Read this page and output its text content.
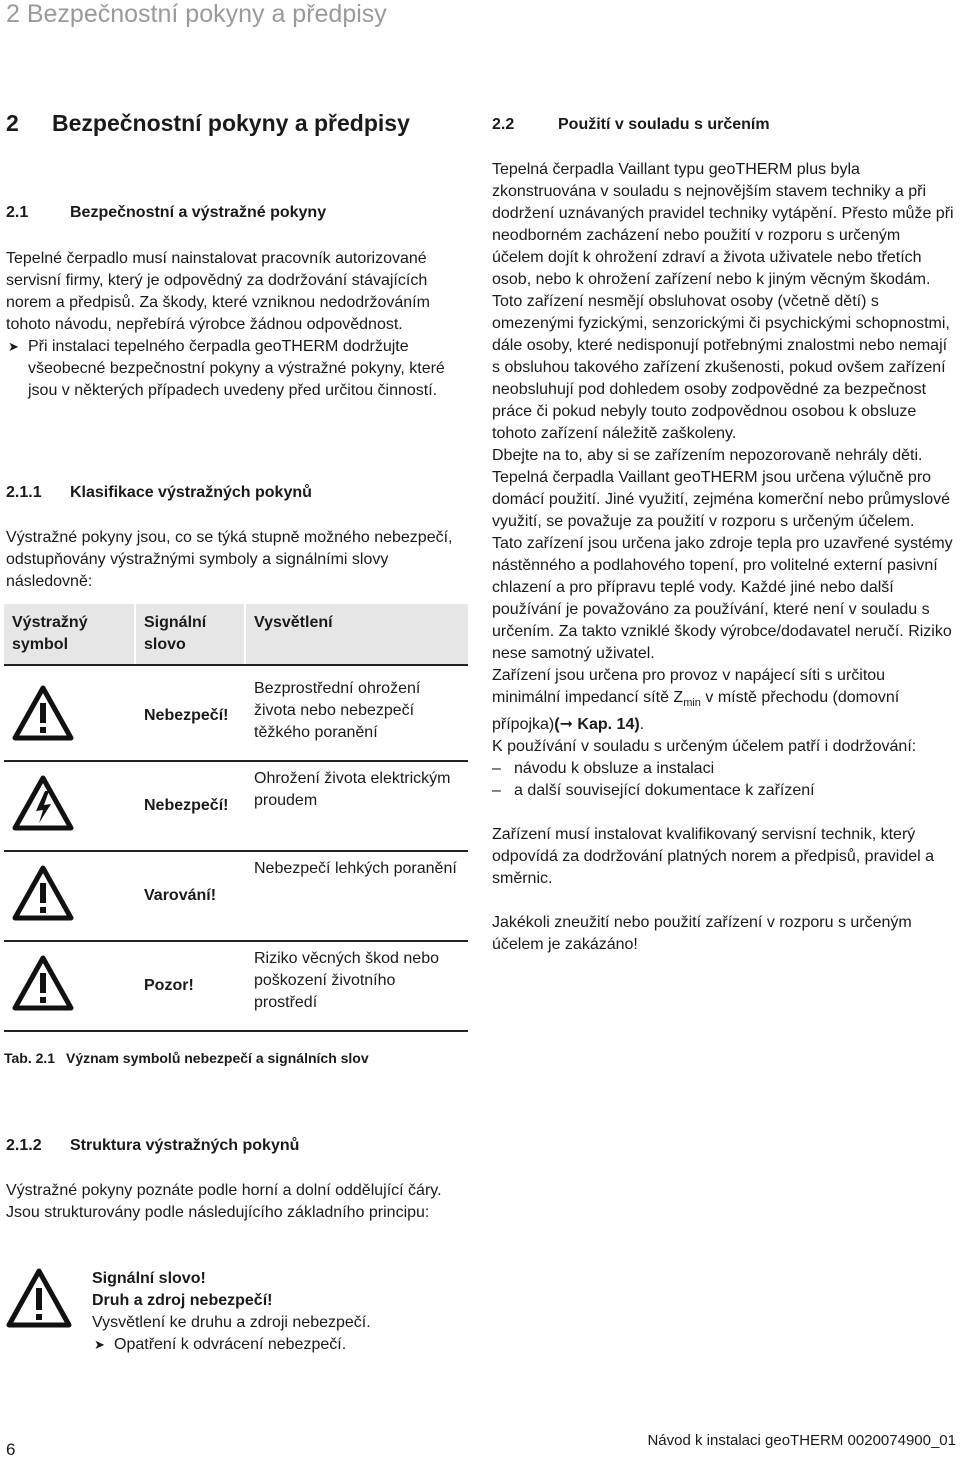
2 Bezpečnostní pokyny a předpisy
2 Bezpečnostní pokyny a předpisy
2.1	Bezpečnostní a výstražné pokyny

Tepelné čerpadlo musí nainstalovat pracovník autorizované servisní firmy, který je odpovědný za dodržování stávajících norem a předpisů. Za škody, které vzniknou nedodržováním tohoto návodu, nepřebírá výrobce žádnou odpovědnost.

➤ Při instalaci tepelného čerpadla geoTHERM dodržujte všeobecné bezpečnostní pokyny a výstražné pokyny, které jsou v některých případech uvedeny před určitou činností.
2.1.1 Klasifikace výstražných pokynů
Výstražné pokyny jsou, co se týká stupně možného nebezpečí, odstupňovány výstražnými symboly a signálními slovy následovně:
Výstražný symbol	Signální slovo	Vysvětlení

	Nebezpečí!	Bezprostřední ohrožení života nebo nebezpečí těžkého poranění
	Nebezpečí!	Ohrožení života elektrickým proudem
	Varování!	Nebezpečí lehkých poranění
	Pozor!	Riziko věcných škod nebo poškození životního prostředí
Tab. 2.1 Význam symbolů nebezpečí a signálních slov
2.1.2 Struktura výstražných pokynů
Výstražné pokyny poznáte podle horní a dolní oddělující čáry. Jsou strukturovány podle následujícího základního principu:
Signální slovo!
Druh a zdroj nebezpečí!
Vysvětlení ke druhu a zdroji nebezpečí.
➤ Opatření k odvrácení nebezpečí.
2.2	Použití v souladu s určením

Tepelná čerpadla Vaillant typu geoTHERM plus byla zkonstruována v souladu s nejnovějším stavem techniky a při dodržení uznávaných pravidel techniky vytápění. Přesto může při neodborném zacházení nebo použití v rozporu s určeným účelem dojít k ohrožení zdraví a života uživatele nebo třetích osob, nebo k ohrožení zařízení nebo k jiným věcným škodám.

Toto zařízení nesmějí obsluhovat osoby (včetně dětí) s omezenými fyzickými, senzorickými či psychickými schopnostmi, dále osoby, které nedisponují potřebnými znalostmi nebo nemají s obsluhou takového zařízení zkušenosti, pokud ovšem zařízení neobsluhují pod dohledem osoby zodpovědné za bezpečnost práce či pokud nebyly touto zodpovědnou osobou k obsluze tohoto zařízení náležitě zaškoleny.

Dbejte na to, aby si se zařízením nepozorovaně nehrály děti.

Tepelná čerpadla Vaillant geoTHERM jsou určena výlučně pro domácí použití. Jiné využití, zejména komerční nebo průmyslové využití, se považuje za použití v rozporu s určeným účelem.

Tato zařízení jsou určena jako zdroje tepla pro uzavřené systémy nástěnného a podlahového topení, pro volitelné externí pasivní chlazení a pro přípravu teplé vody. Každé jiné nebo další používání je považováno za používání, které není v souladu s určením. Za takto vzniklé škody výrobce/dodavatel neručí. Riziko nese samotný uživatel.

Zařízení jsou určena pro provoz v napájecí síti s určitou minimální impedancí sítě $Z_{min}$ v místě přechodu (domovní přípojka)(➞ Kap. 14).

K používání v souladu s určeným účelem patří i dodržování:

– návodu k obsluze a instalaci
– a další související dokumentace k zařízení

Zařízení musí instalovat kvalifikovaný servisní technik, který odpovídá za dodržování platných norem a předpisů, pravidel a směrnic.

Jakékoli zneužití nebo použití zařízení v rozporu s určeným účelem je zakázáno!

6	Návod k instalaci geoTHERM 0020074900_01
